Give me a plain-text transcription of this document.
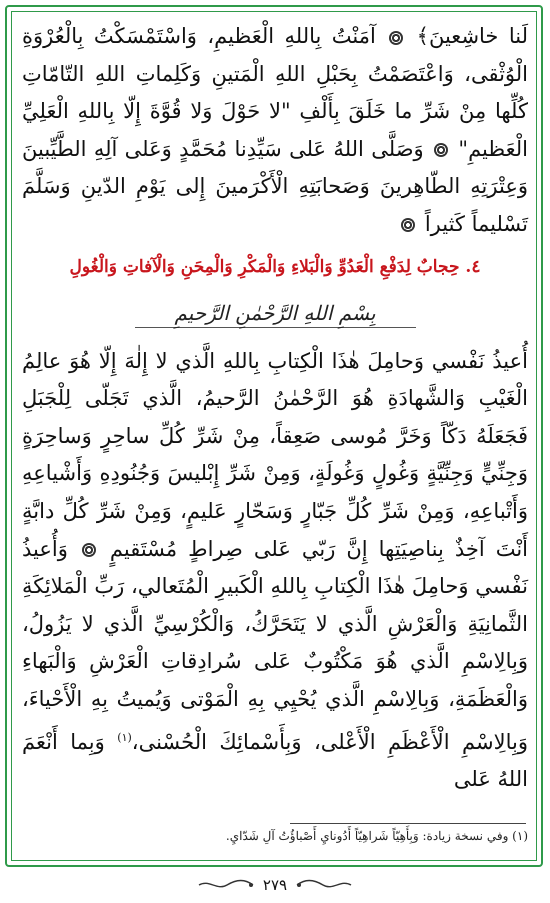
لَنا خاشِعينَ﴾  آمَنْتُ بِاللهِ الْعَظيمِ، وَاسْتَمْسَكْتُ بِالْعُرْوَةِ الْوُثْقى، وَاعْتَصَمْتُ بِحَبْلِ اللهِ الْمَتينِ وَكَلِماتِ اللهِ التّامّاتِ كُلِّها مِنْ شَرِّ ما خَلَقَ بِأَلْفِ "لا حَوْلَ وَلا قُوَّةَ إِلّا بِاللهِ الْعَلِيِّ الْعَظيمِ"  وَصَلَّى اللهُ عَلى سَيِّدِنا مُحَمَّدٍ وَعَلى آلِهِ الطَّيِّبينَ وَعِتْرَتِهِ الطّاهِرينَ وَصَحابَتِهِ الْأَكْرَمينَ إِلى يَوْمِ الدّينِ وَسَلَّمَ تَسْليماً كَثيراً

٤. حِجابٌ لِدَفْعِ الْعَدُوِّ وَالْبَلاءِ وَالْمَكْرِ وَالْمِحَنِ وَالْآفاتِ وَالْغُولِ
بِسْمِ اللهِ الرَّحْمٰنِ الرَّحيمِ

أُعيذُ نَفْسي وَحامِلَ هٰذَا الْكِتابِ بِاللهِ الَّذي لا إِلٰهَ إِلّا هُوَ عالِمُ الْغَيْبِ وَالشَّهادَةِ هُوَ الرَّحْمٰنُ الرَّحيمُ، الَّذي تَجَلّى لِلْجَبَلِ فَجَعَلَهُ دَكّاً وَخَرَّ مُوسى صَعِقاً، مِنْ شَرِّ كُلِّ ساحِرٍ وَساحِرَةٍ وَجِنِّيٍّ وَجِنِّيَّةٍ وَغُولٍ وَغُولَةٍ، وَمِنْ شَرِّ إِبْليسَ وَجُنُودِهِ وَأَشْياعِهِ وَأَتْباعِهِ، وَمِنْ شَرِّ كُلِّ جَبّارٍ وَسَحّارٍ عَليمٍ، وَمِنْ شَرِّ كُلِّ دابَّةٍ أَنْتَ آخِذٌ بِناصِيَتِها إِنَّ رَبّي عَلى صِراطٍ مُسْتَقيمٍ  وَأُعيذُ نَفْسي وَحامِلَ هٰذَا الْكِتابِ بِاللهِ الْكَبيرِ الْمُتَعالي، رَبِّ الْمَلائِكَةِ الثَّمانِيَةِ وَالْعَرْشِ الَّذي لا يَتَحَرَّكُ، وَالْكُرْسِيِّ الَّذي لا يَزُولُ، وَبِالِاسْمِ الَّذي هُوَ مَكْتُوبٌ عَلى سُرادِقاتِ الْعَرْشِ وَالْبَهاءِ وَالْعَظَمَةِ، وَبِالِاسْمِ الَّذي يُحْيِي بِهِ الْمَوْتى وَيُميتُ بِهِ الْأَحْياءَ، وَبِالِاسْمِ الْأَعْظَمِ الْأَعْلى، وَبِأَسْمائِكَ الْحُسْنى،$^{(١)}$ وَبِما أَنْعَمَ اللهُ عَلى

(١) وفي نسخة زيادة: وَبِأَهِيّاً شَراهِيّاً أَدُونايِ أَصْباؤُتُ آلِ شَدّايِ.
٢٧٩
